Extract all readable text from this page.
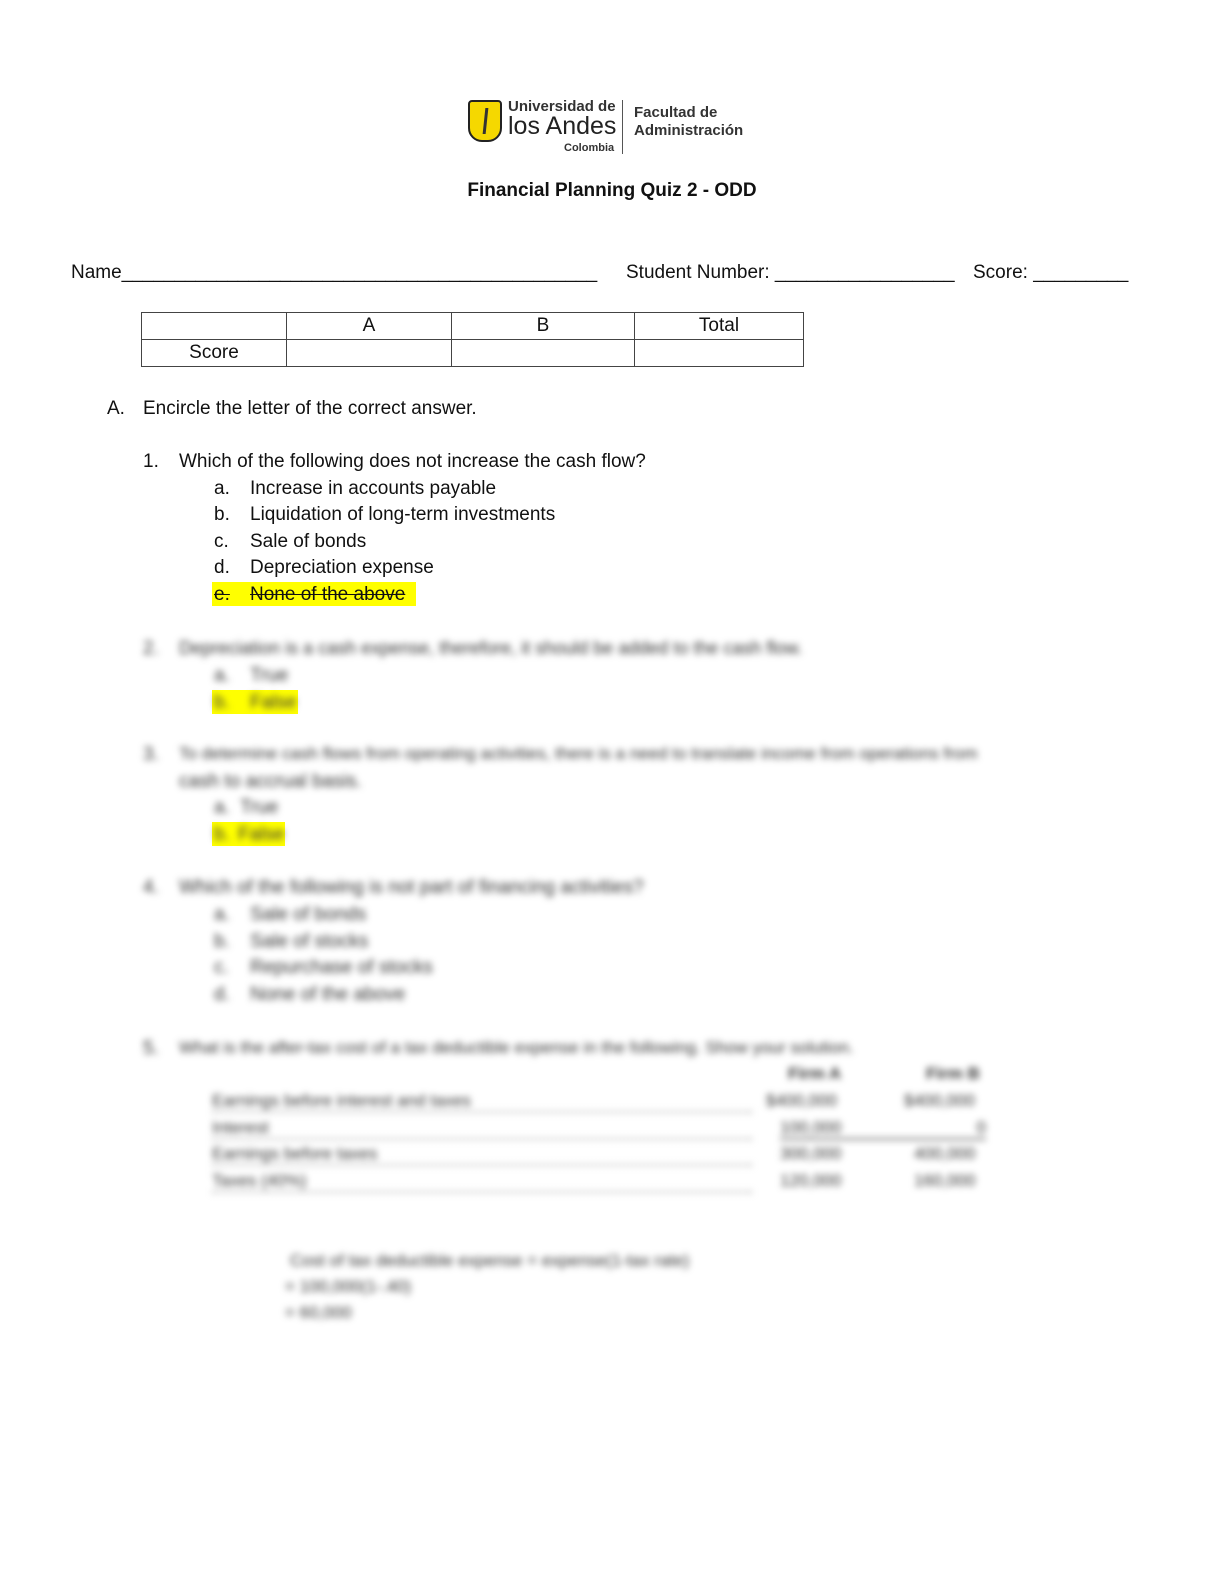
Universidad de
los Andes
Colombia
Facultad de
Administración
Financial Planning Quiz 2 - ODD
Name_____________________________________________ Student Number: _________________ Score: _________
	A	B	Total
Score			
A. Encircle the letter of the correct answer.
1. Which of the following does not increase the cash flow?
a. Increase in accounts payable
b. Liquidation of long-term investments
c. Sale of bonds
d. Depreciation expense
e. None of the above
2. Depreciation is a cash expense, therefore, it should be added to the cash flow.
a. True
b. False
3. To determine cash flows from operating activities, there is a need to translate income from operations from
cash to accrual basis.
a. True
b. False
4. Which of the following is not part of financing activities?
a. Sale of bonds
b. Sale of stocks
c. Repurchase of stocks
d. None of the above
5. What is the after-tax cost of a tax deductible expense in the following. Show your solution.
Firm A	Firm B
Earnings before interest and taxes	$400,000	$400,000
Interest	100,000	0
Earnings before taxes	300,000	400,000
Taxes (40%)	120,000	160,000
Cost of tax deductible expense = expense(1-tax rate)
= 100,000(1-.40)
= 60,000
